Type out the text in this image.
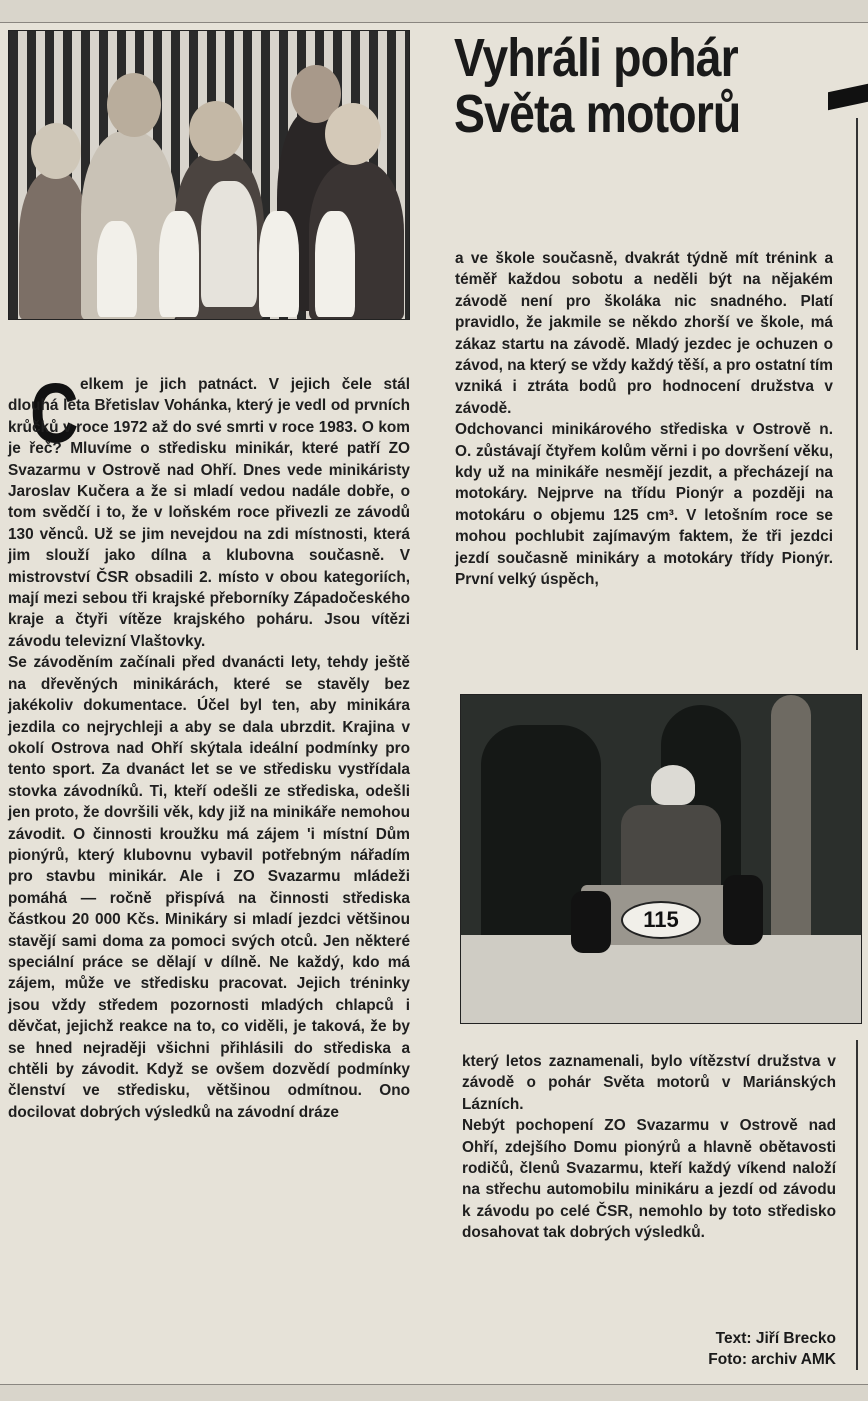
Vyhráli pohár
Světa motorů
C elkem je jich patnáct. V jejich čele stál dlouhá léta Břetislav Vohánka, který je vedl od prvních krůčků v roce 1972 až do své smrti v roce 1983. O kom je řeč? Mluvíme o středisku minikár, které patří ZO Svazarmu v Ostrově nad Ohří. Dnes vede minikáristy Jaroslav Kučera a že si mladí vedou nadále dobře, o tom svědčí i to, že v loňském roce přivezli ze závodů 130 věnců. Už se jim nevejdou na zdi místnosti, která jim slouží jako dílna a klubovna současně. V mistrovství ČSR obsadili 2. místo v obou kategoriích, mají mezi sebou tři krajské přeborníky Západočeského kraje a čtyři vítěze krajského poháru. Jsou vítězi závodu televizní Vlaštovky.

Se závoděním začínali před dvanácti lety, tehdy ještě na dřevěných minikárách, které se stavěly bez jakékoliv dokumentace. Účel byl ten, aby minikára jezdila co nejrychleji a aby se dala ubrzdit. Krajina v okolí Ostrova nad Ohří skýtala ideální podmínky pro tento sport. Za dvanáct let se ve středisku vystřídala stovka závodníků. Ti, kteří odešli ze střediska, odešli jen proto, že dovršili věk, kdy již na minikáře nemohou závodit. O činnosti kroužku má zájem 'i místní Dům pionýrů, který klubovnu vybavil potřebným nářadím pro stavbu minikár. Ale i ZO Svazarmu mládeži pomáhá — ročně přispívá na činnosti střediska částkou 20 000 Kčs. Minikáry si mladí jezdci většinou stavějí sami doma za pomoci svých otců. Jen některé speciální práce se dělají v dílně. Ne každý, kdo má zájem, může ve středisku pracovat. Jejich tréninky jsou vždy středem pozornosti mladých chlapců i děvčat, jejichž reakce na to, co viděli, je taková, že by se hned nejraději všichni přihlásili do střediska a chtěli by závodit. Když se ovšem dozvědí podmínky členství ve středisku, většinou odmítnou. Ono docilovat dobrých výsledků na závodní dráze

a ve škole současně, dvakrát týdně mít trénink a téměř každou sobotu a neděli být na nějakém závodě není pro školáka nic snadného. Platí pravidlo, že jakmile se někdo zhorší ve škole, má zákaz startu na závodě. Mladý jezdec je ochuzen o závod, na který se vždy každý těší, a pro ostatní tím vzniká i ztráta bodů pro hodnocení družstva v závodě.

Odchovanci minikárového střediska v Ostrově n. O. zůstávají čtyřem kolům věrni i po dovršení věku, kdy už na minikáře nesmějí jezdit, a přecházejí na motokáry. Nejprve na třídu Pionýr a později na motokáru o objemu 125 cm³. V letošním roce se mohou pochlubit zajímavým faktem, že tři jezdci jezdí současně minikáry a motokáry třídy Pionýr. První velký úspěch,

115

který letos zaznamenali, bylo vítězství družstva v závodě o pohár Světa motorů v Mariánských Lázních.

Nebýt pochopení ZO Svazarmu v Ostrově nad Ohří, zdejšího Domu pionýrů a hlavně obětavosti rodičů, členů Svazarmu, kteří každý víkend naloží na střechu automobilu minikáru a jezdí od závodu k závodu po celé ČSR, nemohlo by toto středisko dosahovat tak dobrých výsledků.

Text: Jiří Brecko
Foto: archiv AMK
